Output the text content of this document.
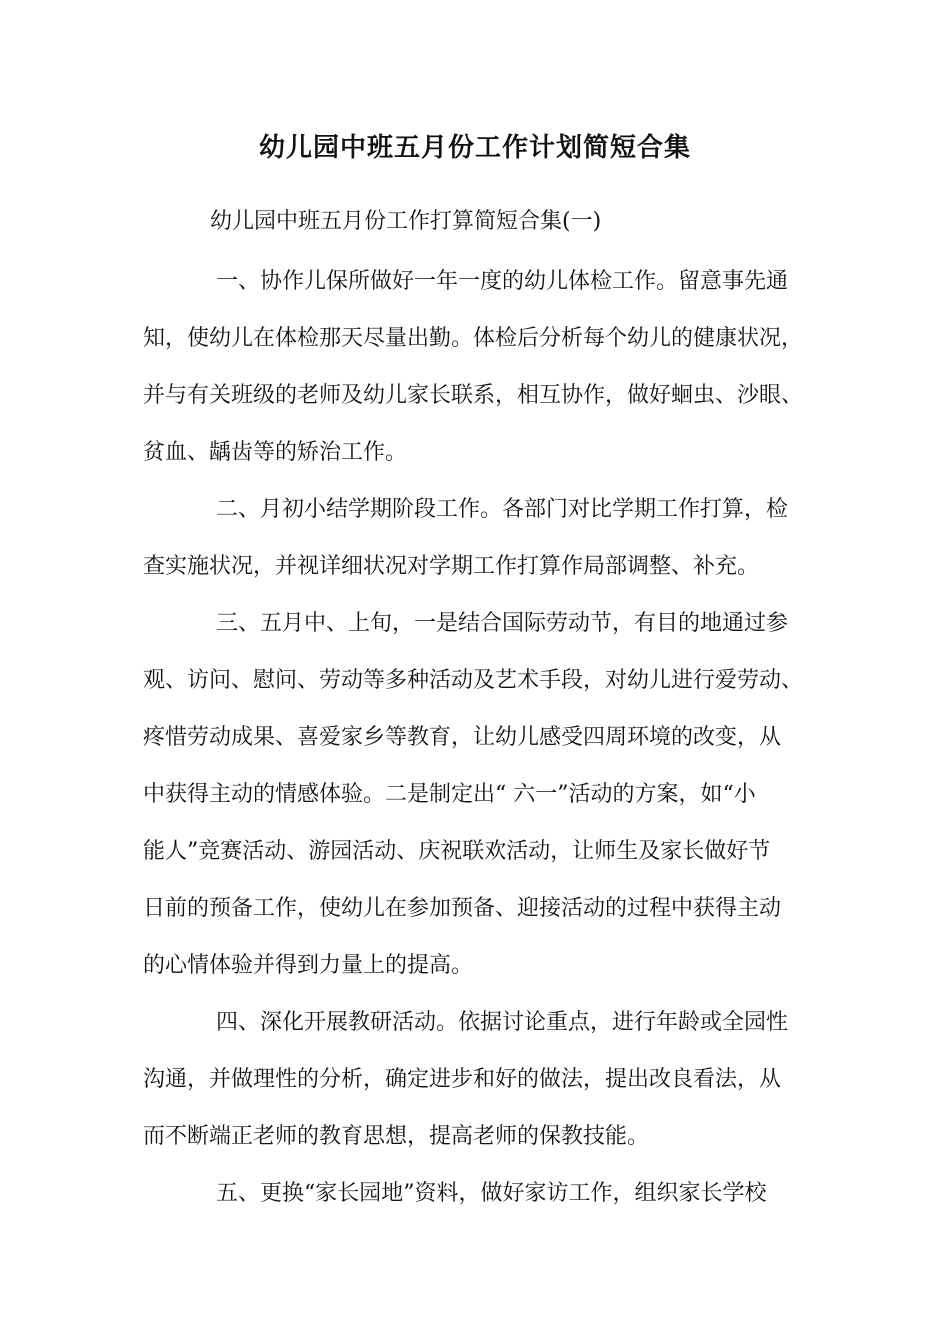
幼儿园中班五月份工作计划简短合集
幼儿园中班五月份工作打算简短合集(一)
一、协作儿保所做好一年一度的幼儿体检工作。留意事先通
知，使幼儿在体检那天尽量出勤。体检后分析每个幼儿的健康状况，
并与有关班级的老师及幼儿家长联系，相互协作，做好蛔虫、沙眼、
贫血、龋齿等的矫治工作。
二、月初小结学期阶段工作。各部门对比学期工作打算，检
查实施状况，并视详细状况对学期工作打算作局部调整、补充。
三、五月中、上旬，一是结合国际劳动节，有目的地通过参
观、访问、慰问、劳动等多种活动及艺术手段，对幼儿进行爱劳动、
疼惜劳动成果、喜爱家乡等教育，让幼儿感受四周环境的改变，从
中获得主动的情感体验。二是制定出“ 六一”活动的方案，如“小
能人”竞赛活动、游园活动、庆祝联欢活动，让师生及家长做好节
日前的预备工作，使幼儿在参加预备、迎接活动的过程中获得主动
的心情体验并得到力量上的提高。
四、深化开展教研活动。依据讨论重点，进行年龄或全园性
沟通，并做理性的分析，确定进步和好的做法，提出改良看法，从
而不断端正老师的教育思想，提高老师的保教技能。
五、更换“家长园地”资料，做好家访工作，组织家长学校
